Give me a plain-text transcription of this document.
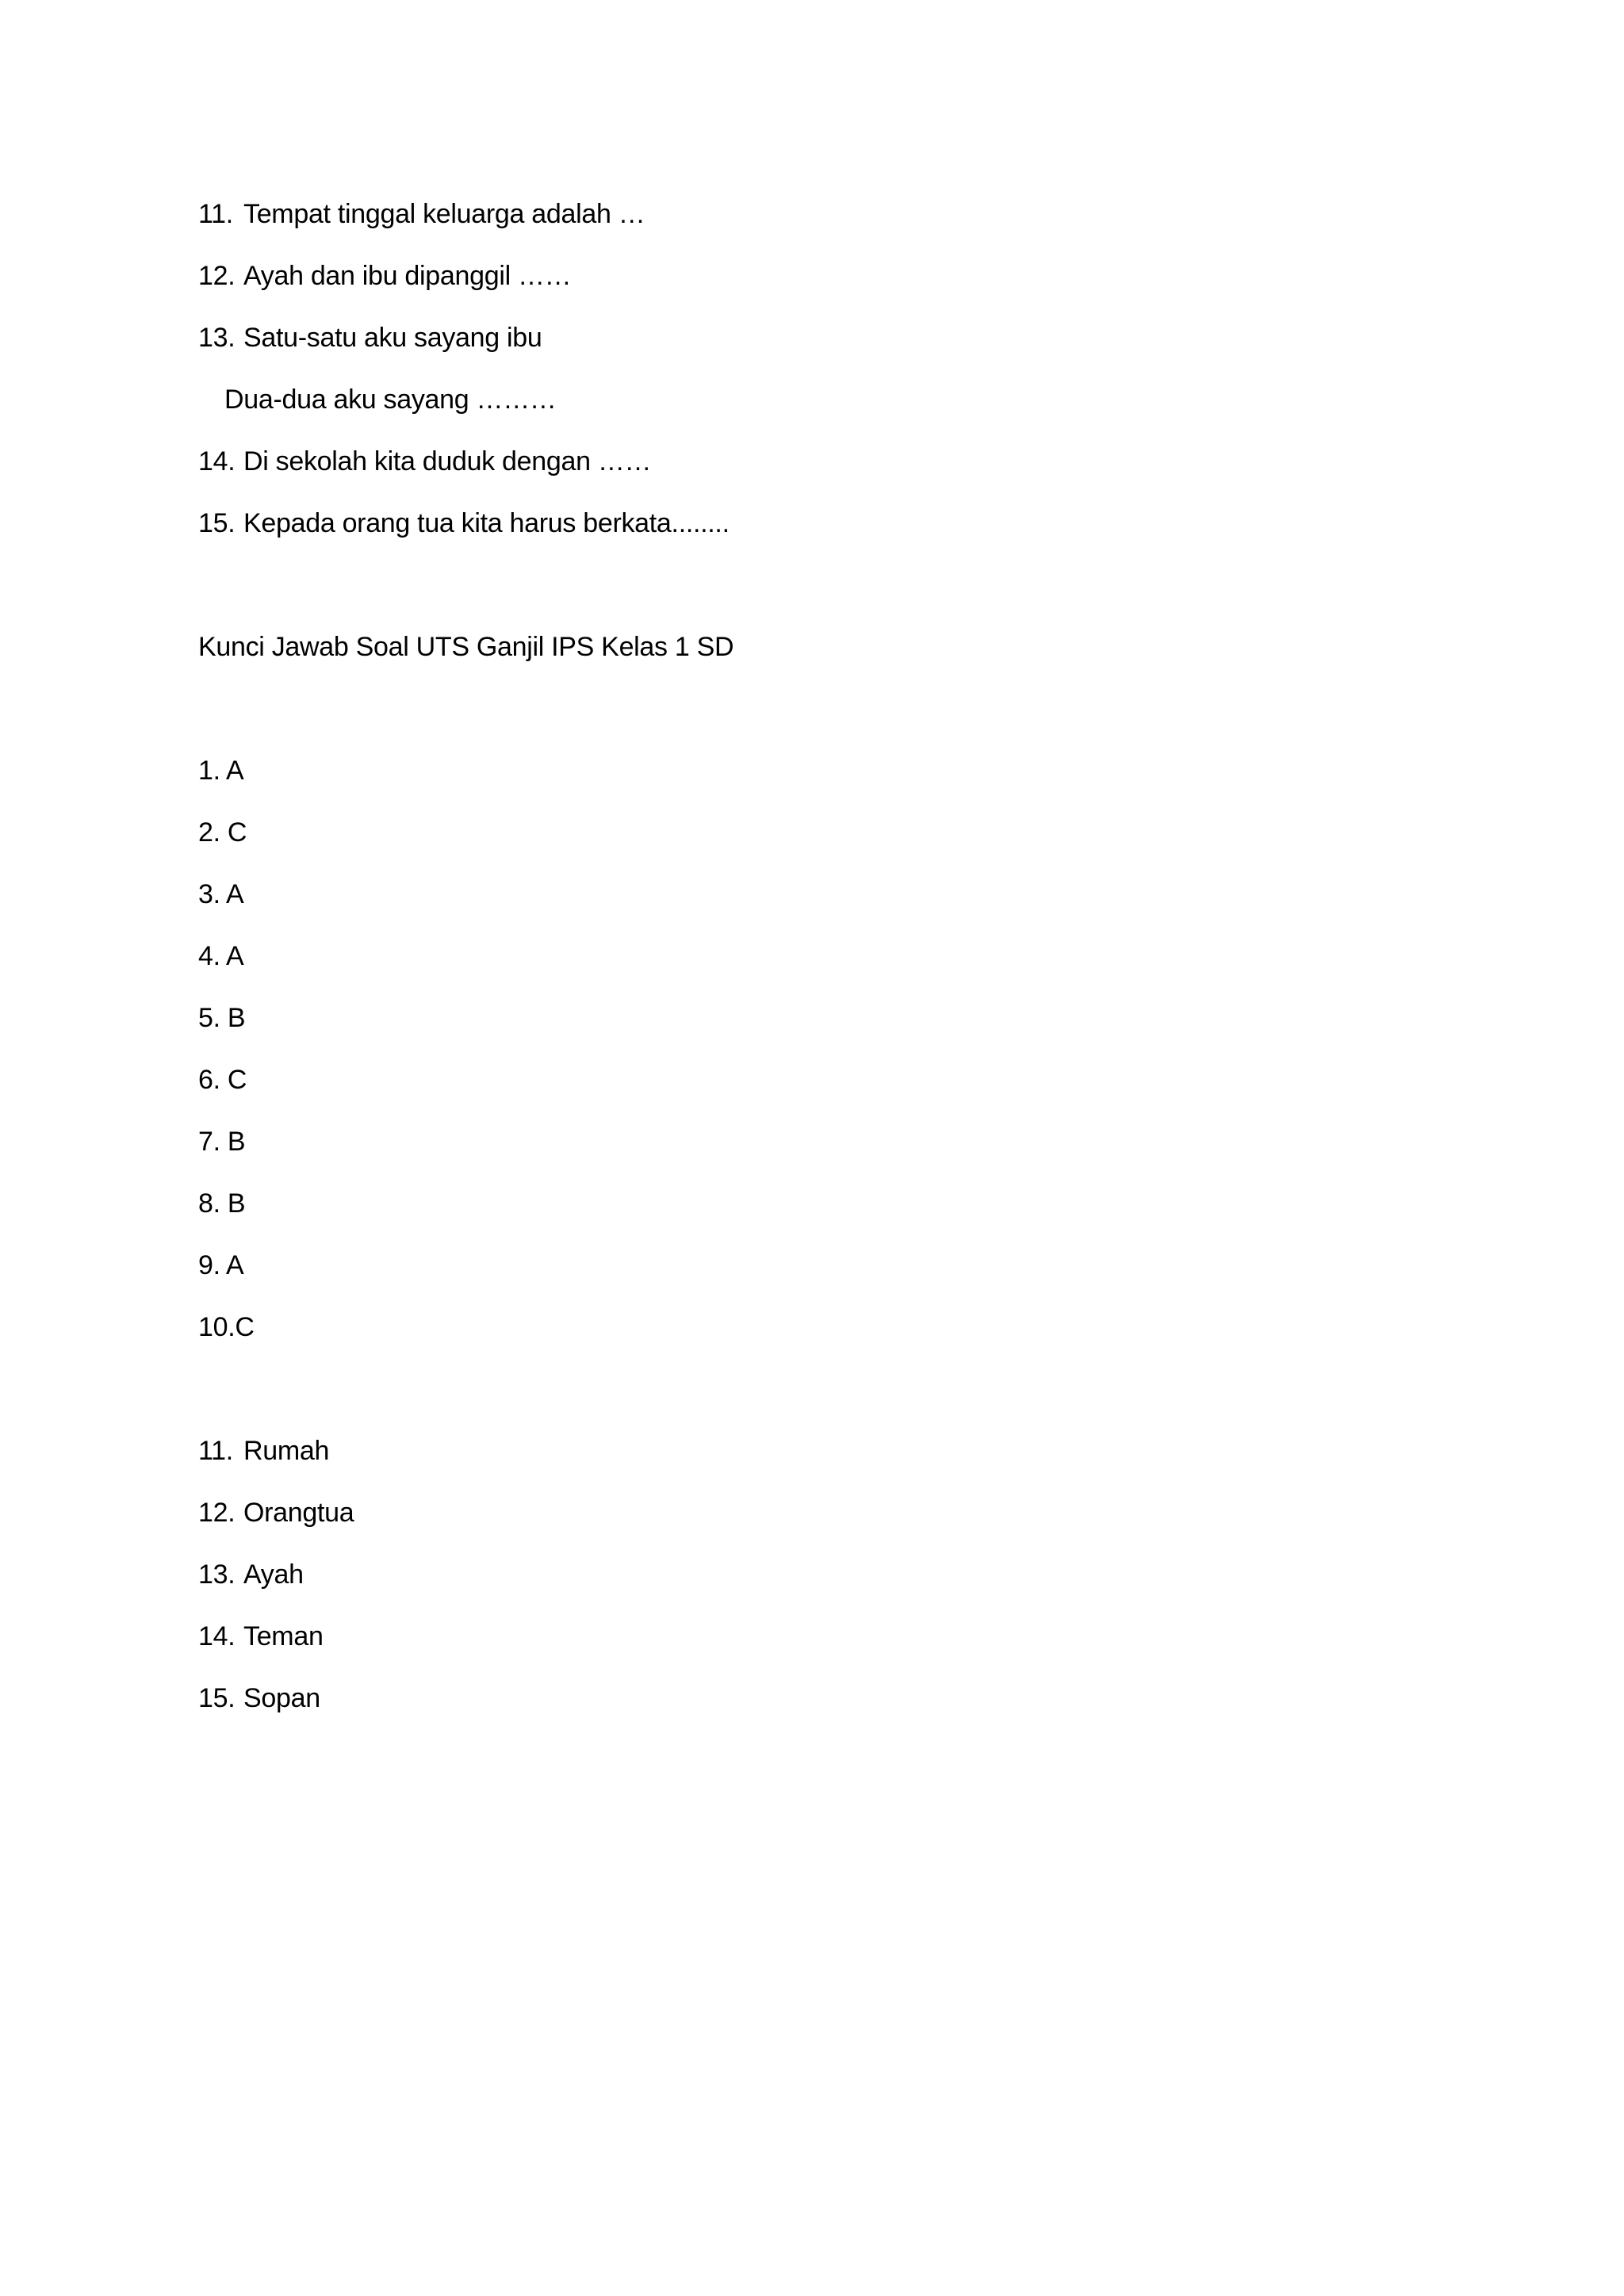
11. Tempat tinggal keluarga adalah …
12. Ayah dan ibu dipanggil ……
13. Satu-satu aku sayang ibu
Dua-dua aku sayang ………
14. Di sekolah kita duduk dengan ……
15. Kepada orang tua kita harus berkata........
Kunci Jawab Soal UTS Ganjil IPS Kelas 1 SD
1. A
2. C
3. A
4. A
5. B
6. C
7. B
8. B
9. A
10.C
11. Rumah
12. Orangtua
13. Ayah
14. Teman
15. Sopan
